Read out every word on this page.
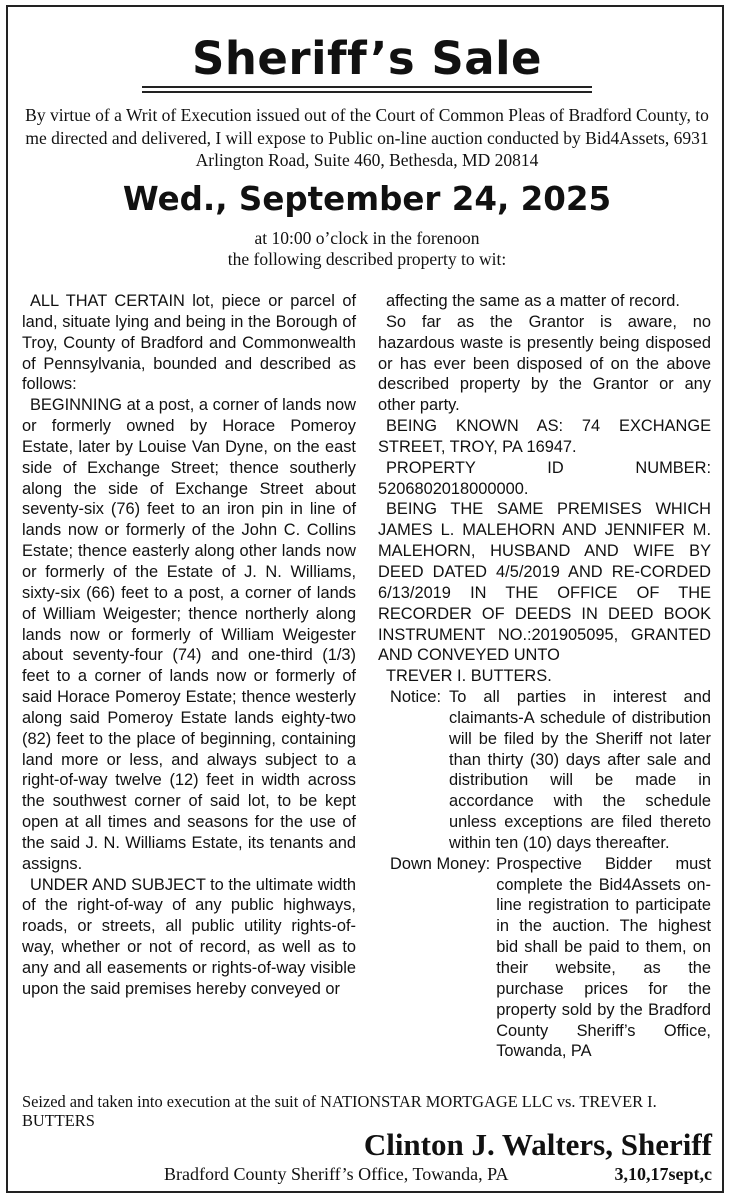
Sheriff’s Sale
By virtue of a Writ of Execution issued out of the Court of Common Pleas of Bradford County, to me directed and delivered, I will expose to Public on-line auction conducted by Bid4Assets, 6931 Arlington Road, Suite 460, Bethesda, MD 20814
Wed., September 24, 2025
at 10:00 o’clock in the forenoon
the following described property to wit:

ALL THAT CERTAIN lot, piece or parcel of land, situate lying and being in the Borough of Troy, County of Bradford and Commonwealth of Pennsylvania, bounded and described as follows:

BEGINNING at a post, a corner of lands now or formerly owned by Horace Pomeroy Estate, later by Louise Van Dyne, on the east side of Exchange Street; thence southerly along the side of Exchange Street about seventy-six (76) feet to an iron pin in line of lands now or formerly of the John C. Collins Estate; thence easterly along other lands now or formerly of the Estate of J. N. Williams, sixty-six (66) feet to a post, a corner of lands of William Weigester; thence northerly along lands now or formerly of William Weigester about seventy-four (74) and one-third (1/3) feet to a corner of lands now or formerly of said Horace Pomeroy Estate; thence westerly along said Pomeroy Estate lands eighty-two (82) feet to the place of beginning, containing land more or less, and always subject to a right-of-way twelve (12) feet in width across the southwest corner of said lot, to be kept open at all times and seasons for the use of the said J. N. Williams Estate, its tenants and assigns.

UNDER AND SUBJECT to the ultimate width of the right-of-way of any public highways, roads, or streets, all public utility rights-of-way, whether or not of record, as well as to any and all easements or rights-of-way visible upon the said premises hereby conveyed or

affecting the same as a matter of record.

So far as the Grantor is aware, no hazardous waste is presently being disposed or has ever been disposed of on the above described property by the Grantor or any other party.

BEING KNOWN AS: 74 EXCHANGE STREET, TROY, PA 16947.

PROPERTY ID NUMBER: 5206802018000000.

BEING THE SAME PREMISES WHICH JAMES L. MALEHORN AND JENNIFER M. MALEHORN, HUSBAND AND WIFE BY DEED DATED 4/5/2019 AND RE-CORDED 6/13/2019 IN THE OFFICE OF THE RECORDER OF DEEDS IN DEED BOOK INSTRUMENT NO.:201905095, GRANTED AND CONVEYED UNTO

TREVER I. BUTTERS.

Notice: To all parties in interest and claimants-A schedule of distribution will be filed by the Sheriff not later than thirty (30) days after sale and distribution will be made in accordance with the schedule unless exceptions are filed thereto within ten (10) days thereafter.
Down Money: Prospective Bidder must complete the Bid4Assets on-line registration to participate in the auction. The highest bid shall be paid to them, on their website, as the purchase prices for the property sold by the Bradford County Sheriff’s Office, Towanda, PA
Seized and taken into execution at the suit of NATIONSTAR MORTGAGE LLC vs. TREVER I. BUTTERS
Clinton J. Walters, Sheriff
Bradford County Sheriff’s Office, Towanda, PA	3,10,17sept,c
